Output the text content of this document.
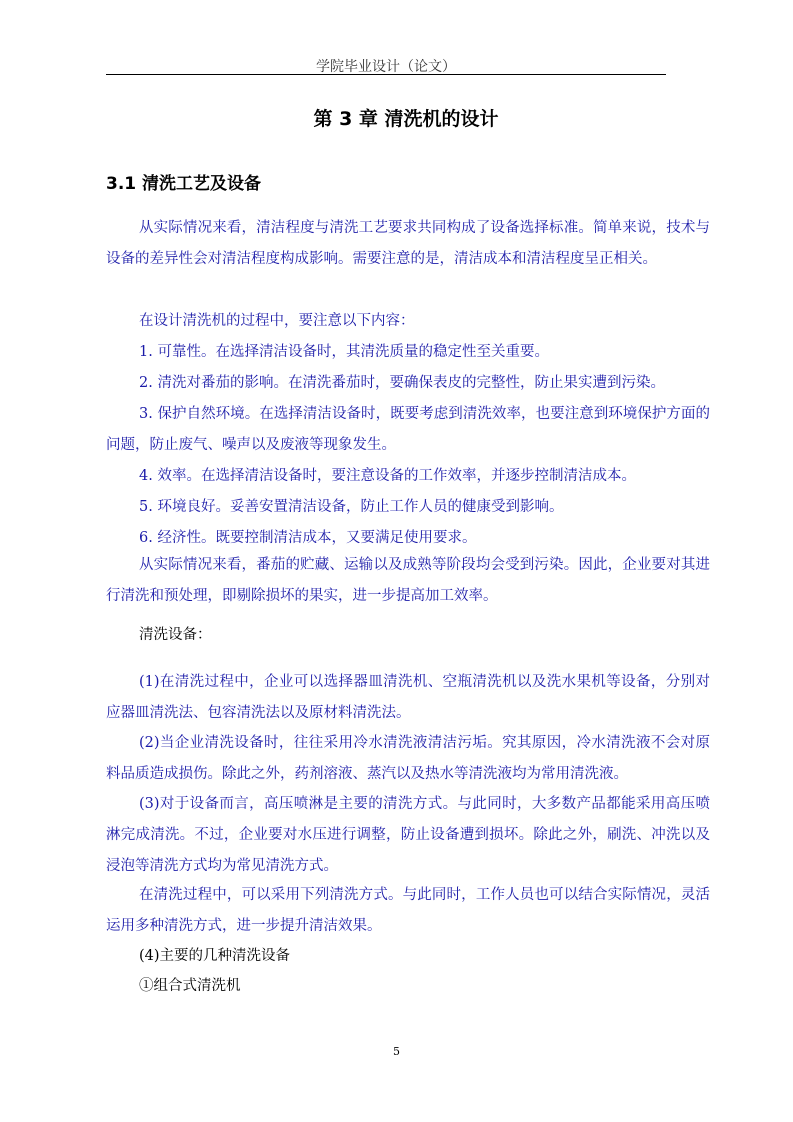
学院毕业设计（论文）
第 3 章 清洗机的设计
3.1 清洗工艺及设备
从实际情况来看，清洁程度与清洗工艺要求共同构成了设备选择标准。简单来说，技术与设备的差异性会对清洁程度构成影响。需要注意的是，清洁成本和清洁程度呈正相关。
在设计清洗机的过程中，要注意以下内容：
1. 可靠性。在选择清洁设备时，其清洗质量的稳定性至关重要。
2. 清洗对番茄的影响。在清洗番茄时，要确保表皮的完整性，防止果实遭到污染。
3. 保护自然环境。在选择清洁设备时，既要考虑到清洗效率，也要注意到环境保护方面的问题，防止废气、噪声以及废液等现象发生。
4. 效率。在选择清洁设备时，要注意设备的工作效率，并逐步控制清洁成本。
5. 环境良好。妥善安置清洁设备，防止工作人员的健康受到影响。
6. 经济性。既要控制清洁成本，又要满足使用要求。
从实际情况来看，番茄的贮藏、运输以及成熟等阶段均会受到污染。因此，企业要对其进行清洗和预处理，即剔除损坏的果实，进一步提高加工效率。
清洗设备：
(1)在清洗过程中，企业可以选择器皿清洗机、空瓶清洗机以及洗水果机等设备，分别对应器皿清洗法、包容清洗法以及原材料清洗法。
(2)当企业清洗设备时，往往采用冷水清洗液清洁污垢。究其原因，冷水清洗液不会对原料品质造成损伤。除此之外，药剂溶液、蒸汽以及热水等清洗液均为常用清洗液。
(3)对于设备而言，高压喷淋是主要的清洗方式。与此同时，大多数产品都能采用高压喷淋完成清洗。不过，企业要对水压进行调整，防止设备遭到损坏。除此之外，刷洗、冲洗以及浸泡等清洗方式均为常见清洗方式。
在清洗过程中，可以采用下列清洗方式。与此同时，工作人员也可以结合实际情况，灵活运用多种清洗方式，进一步提升清洁效果。
(4)主要的几种清洗设备
①组合式清洗机
5
